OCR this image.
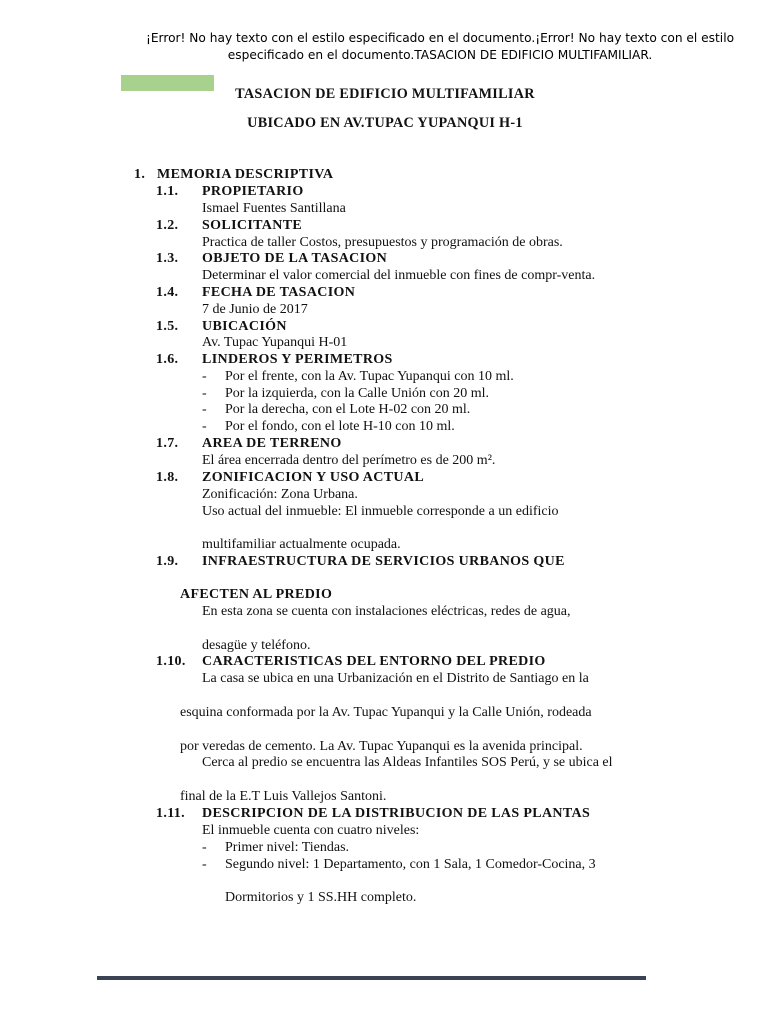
¡Error! No hay texto con el estilo especificado en el documento.¡Error! No hay texto con el estilo
especificado en el documento.TASACION DE EDIFICIO MULTIFAMILIAR.
TASACION DE EDIFICIO MULTIFAMILIAR
UBICADO EN AV.TUPAC YUPANQUI H-1
1. MEMORIA DESCRIPTIVA
1.1. PROPIETARIO
Ismael Fuentes Santillana
1.2. SOLICITANTE
Practica de taller Costos, presupuestos y programación de obras.
1.3. OBJETO DE LA TASACION
Determinar el valor comercial del inmueble con fines de compr-venta.
1.4. FECHA DE TASACION
7 de Junio de 2017
1.5. UBICACIÓN
Av. Tupac Yupanqui H-01
1.6. LINDEROS Y PERIMETROS
- Por el frente, con la Av. Tupac Yupanqui con 10 ml.
- Por la izquierda, con la Calle Unión con 20 ml.
- Por la derecha, con el Lote H-02 con 20 ml.
- Por el fondo, con el lote H-10 con 10 ml.
1.7. AREA DE TERRENO
El área encerrada dentro del perímetro es de 200 m².
1.8. ZONIFICACION Y USO ACTUAL
Zonificación: Zona Urbana.
Uso actual del inmueble: El inmueble corresponde a un edificio
multifamiliar actualmente ocupada.
1.9. INFRAESTRUCTURA DE SERVICIOS URBANOS QUE
AFECTEN AL PREDIO
En esta zona se cuenta con instalaciones eléctricas, redes de agua,
desagüe y teléfono.
1.10. CARACTERISTICAS DEL ENTORNO DEL PREDIO
La casa se ubica en una Urbanización en el Distrito de Santiago en la
esquina conformada por la Av. Tupac Yupanqui y la Calle Unión, rodeada
por veredas de cemento. La Av. Tupac Yupanqui es la avenida principal.
Cerca al predio se encuentra las Aldeas Infantiles SOS Perú, y se ubica el
final de la E.T Luis Vallejos Santoni.
1.11. DESCRIPCION DE LA DISTRIBUCION DE LAS PLANTAS
El inmueble cuenta con cuatro niveles:
- Primer nivel: Tiendas.
- Segundo nivel: 1 Departamento, con 1 Sala, 1 Comedor-Cocina, 3
Dormitorios y 1 SS.HH completo.
